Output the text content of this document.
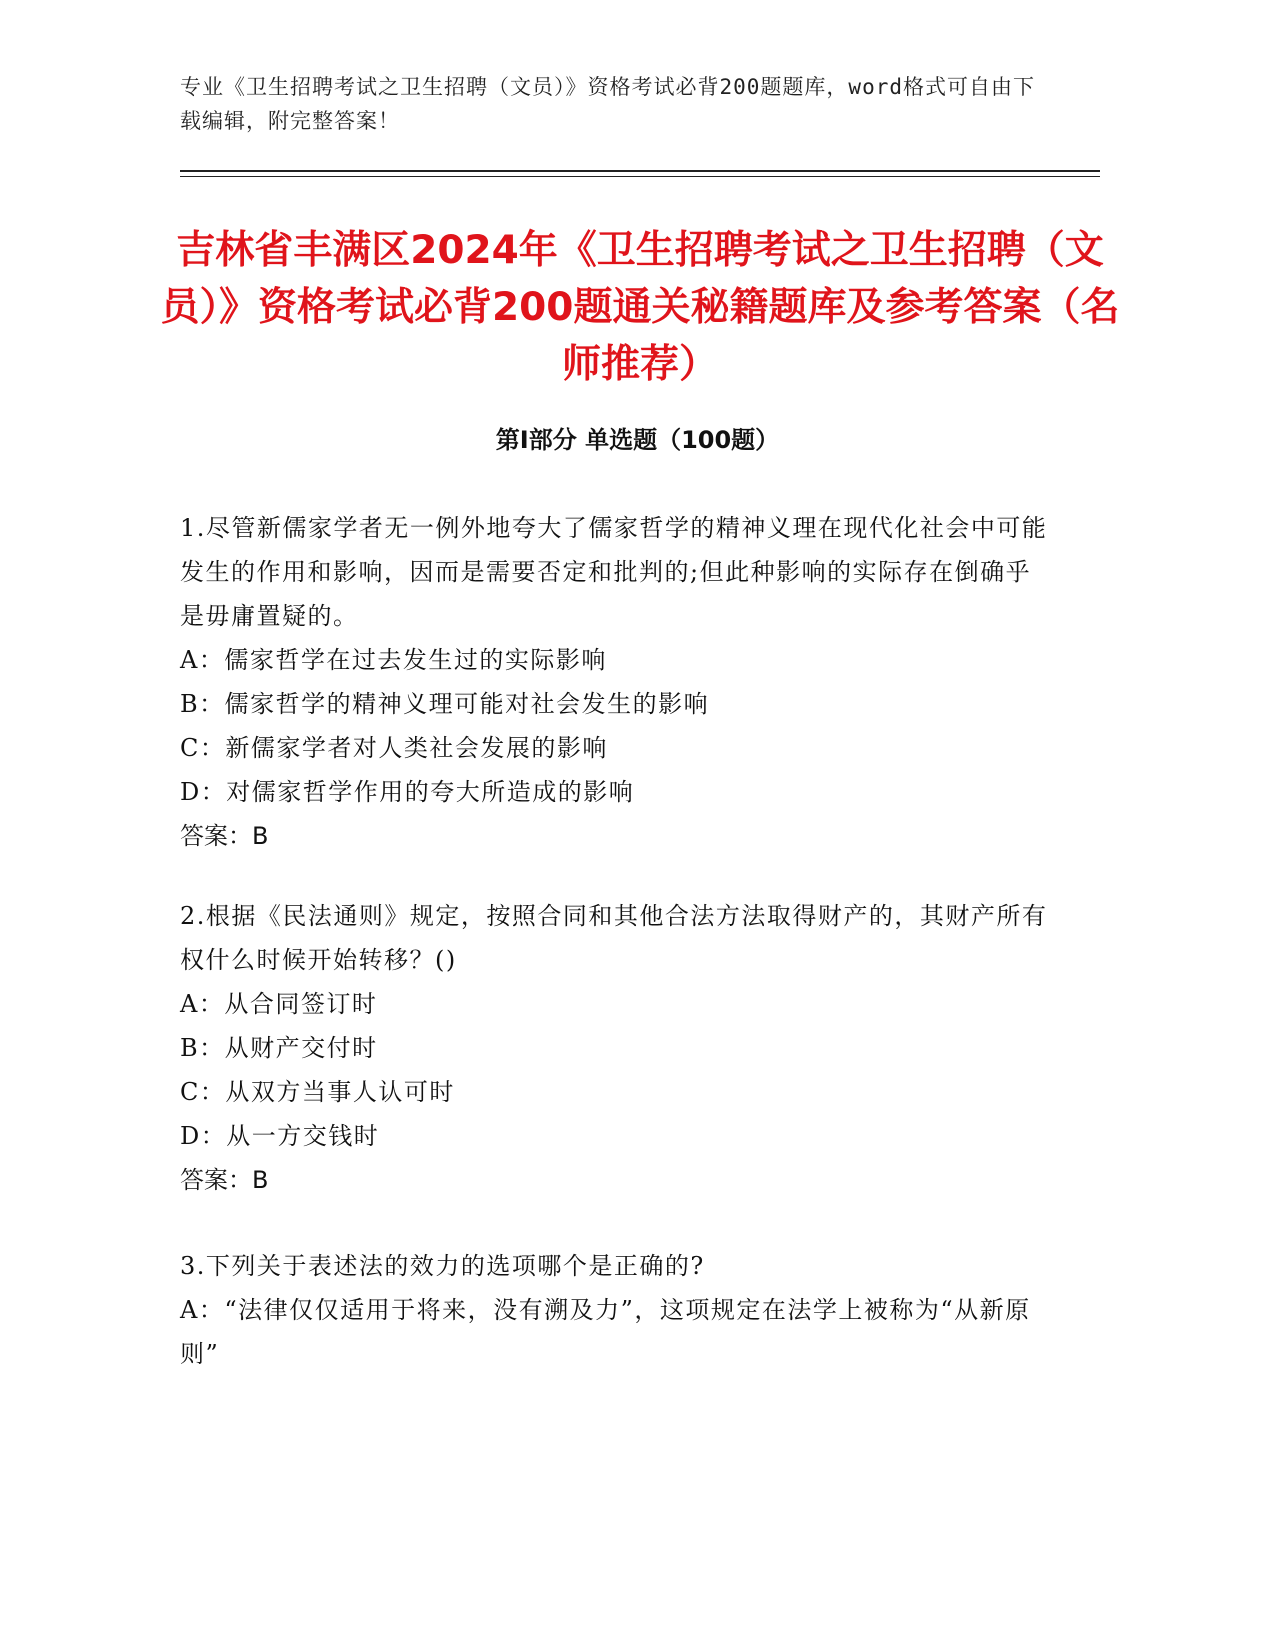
专业《卫生招聘考试之卫生招聘（文员）》资格考试必背200题题库，word格式可自由下载编辑，附完整答案！
吉林省丰满区2024年《卫生招聘考试之卫生招聘（文员）》资格考试必背200题通关秘籍题库及参考答案（名师推荐）
第Ⅰ部分 单选题（100题）

1.尽管新儒家学者无一例外地夸大了儒家哲学的精神义理在现代化社会中可能发生的作用和影响，因而是需要否定和批判的;但此种影响的实际存在倒确乎是毋庸置疑的。

A：儒家哲学在过去发生过的实际影响

B：儒家哲学的精神义理可能对社会发生的影响

C：新儒家学者对人类社会发展的影响

D：对儒家哲学作用的夸大所造成的影响

答案：B

2.根据《民法通则》规定，按照合同和其他合法方法取得财产的，其财产所有权什么时候开始转移？()

A：从合同签订时

B：从财产交付时

C：从双方当事人认可时

D：从一方交钱时

答案：B

3.下列关于表述法的效力的选项哪个是正确的?

A：“法律仅仅适用于将来，没有溯及力”，这项规定在法学上被称为“从新原则”
